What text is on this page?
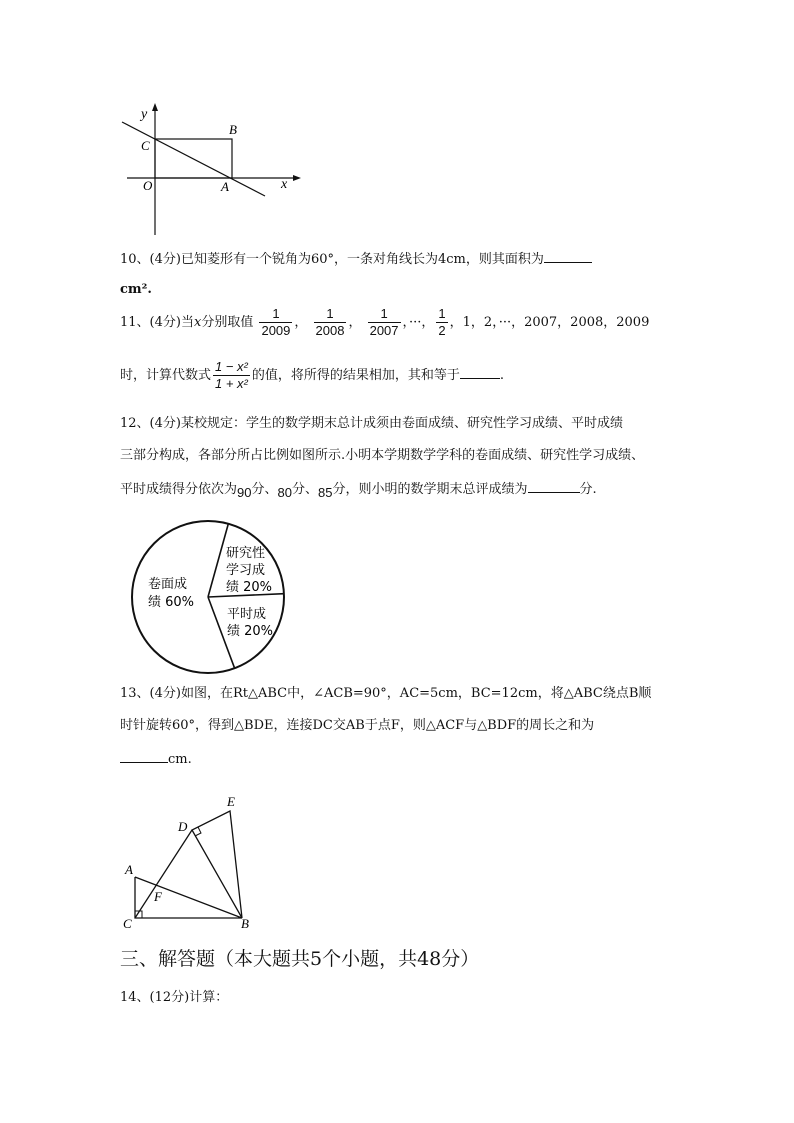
y
B
C
O	A	x
10、(4分)已知菱形有一个锐角为60°，一条对角线长为4cm，则其面积为
cm².
11、(4分)当x分别取值 $\frac{1}{2009}$ ， $\frac{1}{2008}$ ， $\frac{1}{2007}$ ，···， $\frac{1}{2}$ ，1，2，···，2007，2008，2009
时，计算代数式 $\frac{\text{1 − x²}}{\text{1 + x²}}$ 的值，将所得的结果相加，其和等于	.
12、(4分)某校规定：学生的数学期末总计成须由卷面成绩、研究性学习成绩、平时成绩
三部分构成，各部分所占比例如图所示.小明本学期数学学科的卷面成绩、研究性学习成绩、
平时成绩得分依次为90分、80分、85分，则小明的数学期末总评成绩为	分.
卷面成
绩 60%
研究性
学习成
绩 20%
平时成
绩 20%
13、(4分)如图，在Rt△ABC中，∠ACB=90°，AC=5cm，BC=12cm，将△ABC绕点B顺
时针旋转60°，得到△BDE，连接DC交AB于点F，则△ACF与△BDF的周长之和为
cm.
E
D
A
F
C	B
三、解答题（本大题共5个小题，共48分）
14、(12分)计算：
